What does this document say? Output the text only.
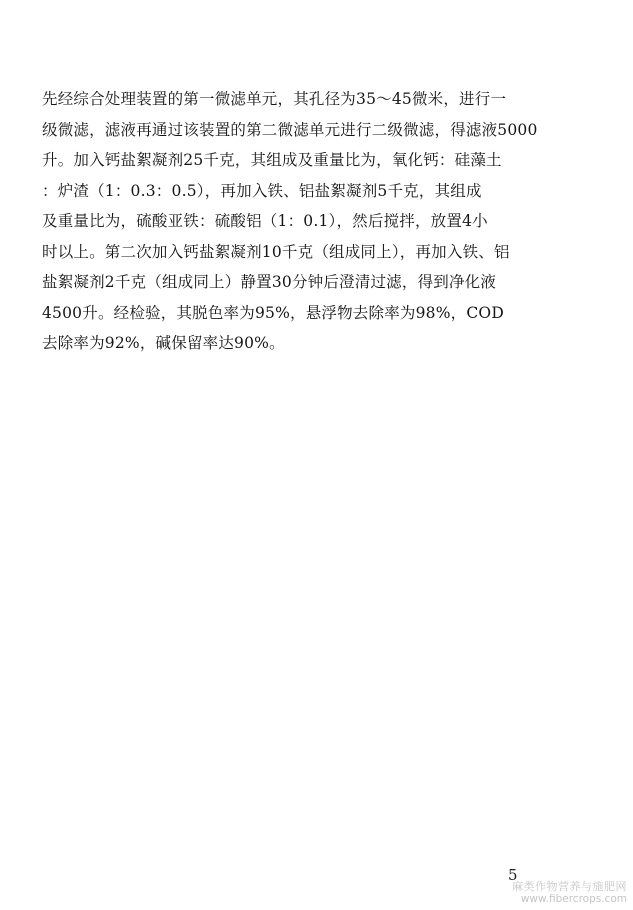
先经综合处理装置的第一微滤单元，其孔径为35～45微米，进行一
级微滤，滤液再通过该装置的第二微滤单元进行二级微滤，得滤液5000
升。加入钙盐絮凝剂25千克，其组成及重量比为，氧化钙：硅藻土
：炉渣（1：0.3：0.5），再加入铁、铝盐絮凝剂5千克，其组成
及重量比为，硫酸亚铁：硫酸铝（1：0.1），然后搅拌，放置4小
时以上。第二次加入钙盐絮凝剂10千克（组成同上），再加入铁、铝
盐絮凝剂2千克（组成同上）静置30分钟后澄清过滤，得到净化液
4500升。经检验，其脱色率为95%，悬浮物去除率为98%，COD
去除率为92%，碱保留率达90%。
5
麻类作物营养与施肥网
www.fibercrops.com
